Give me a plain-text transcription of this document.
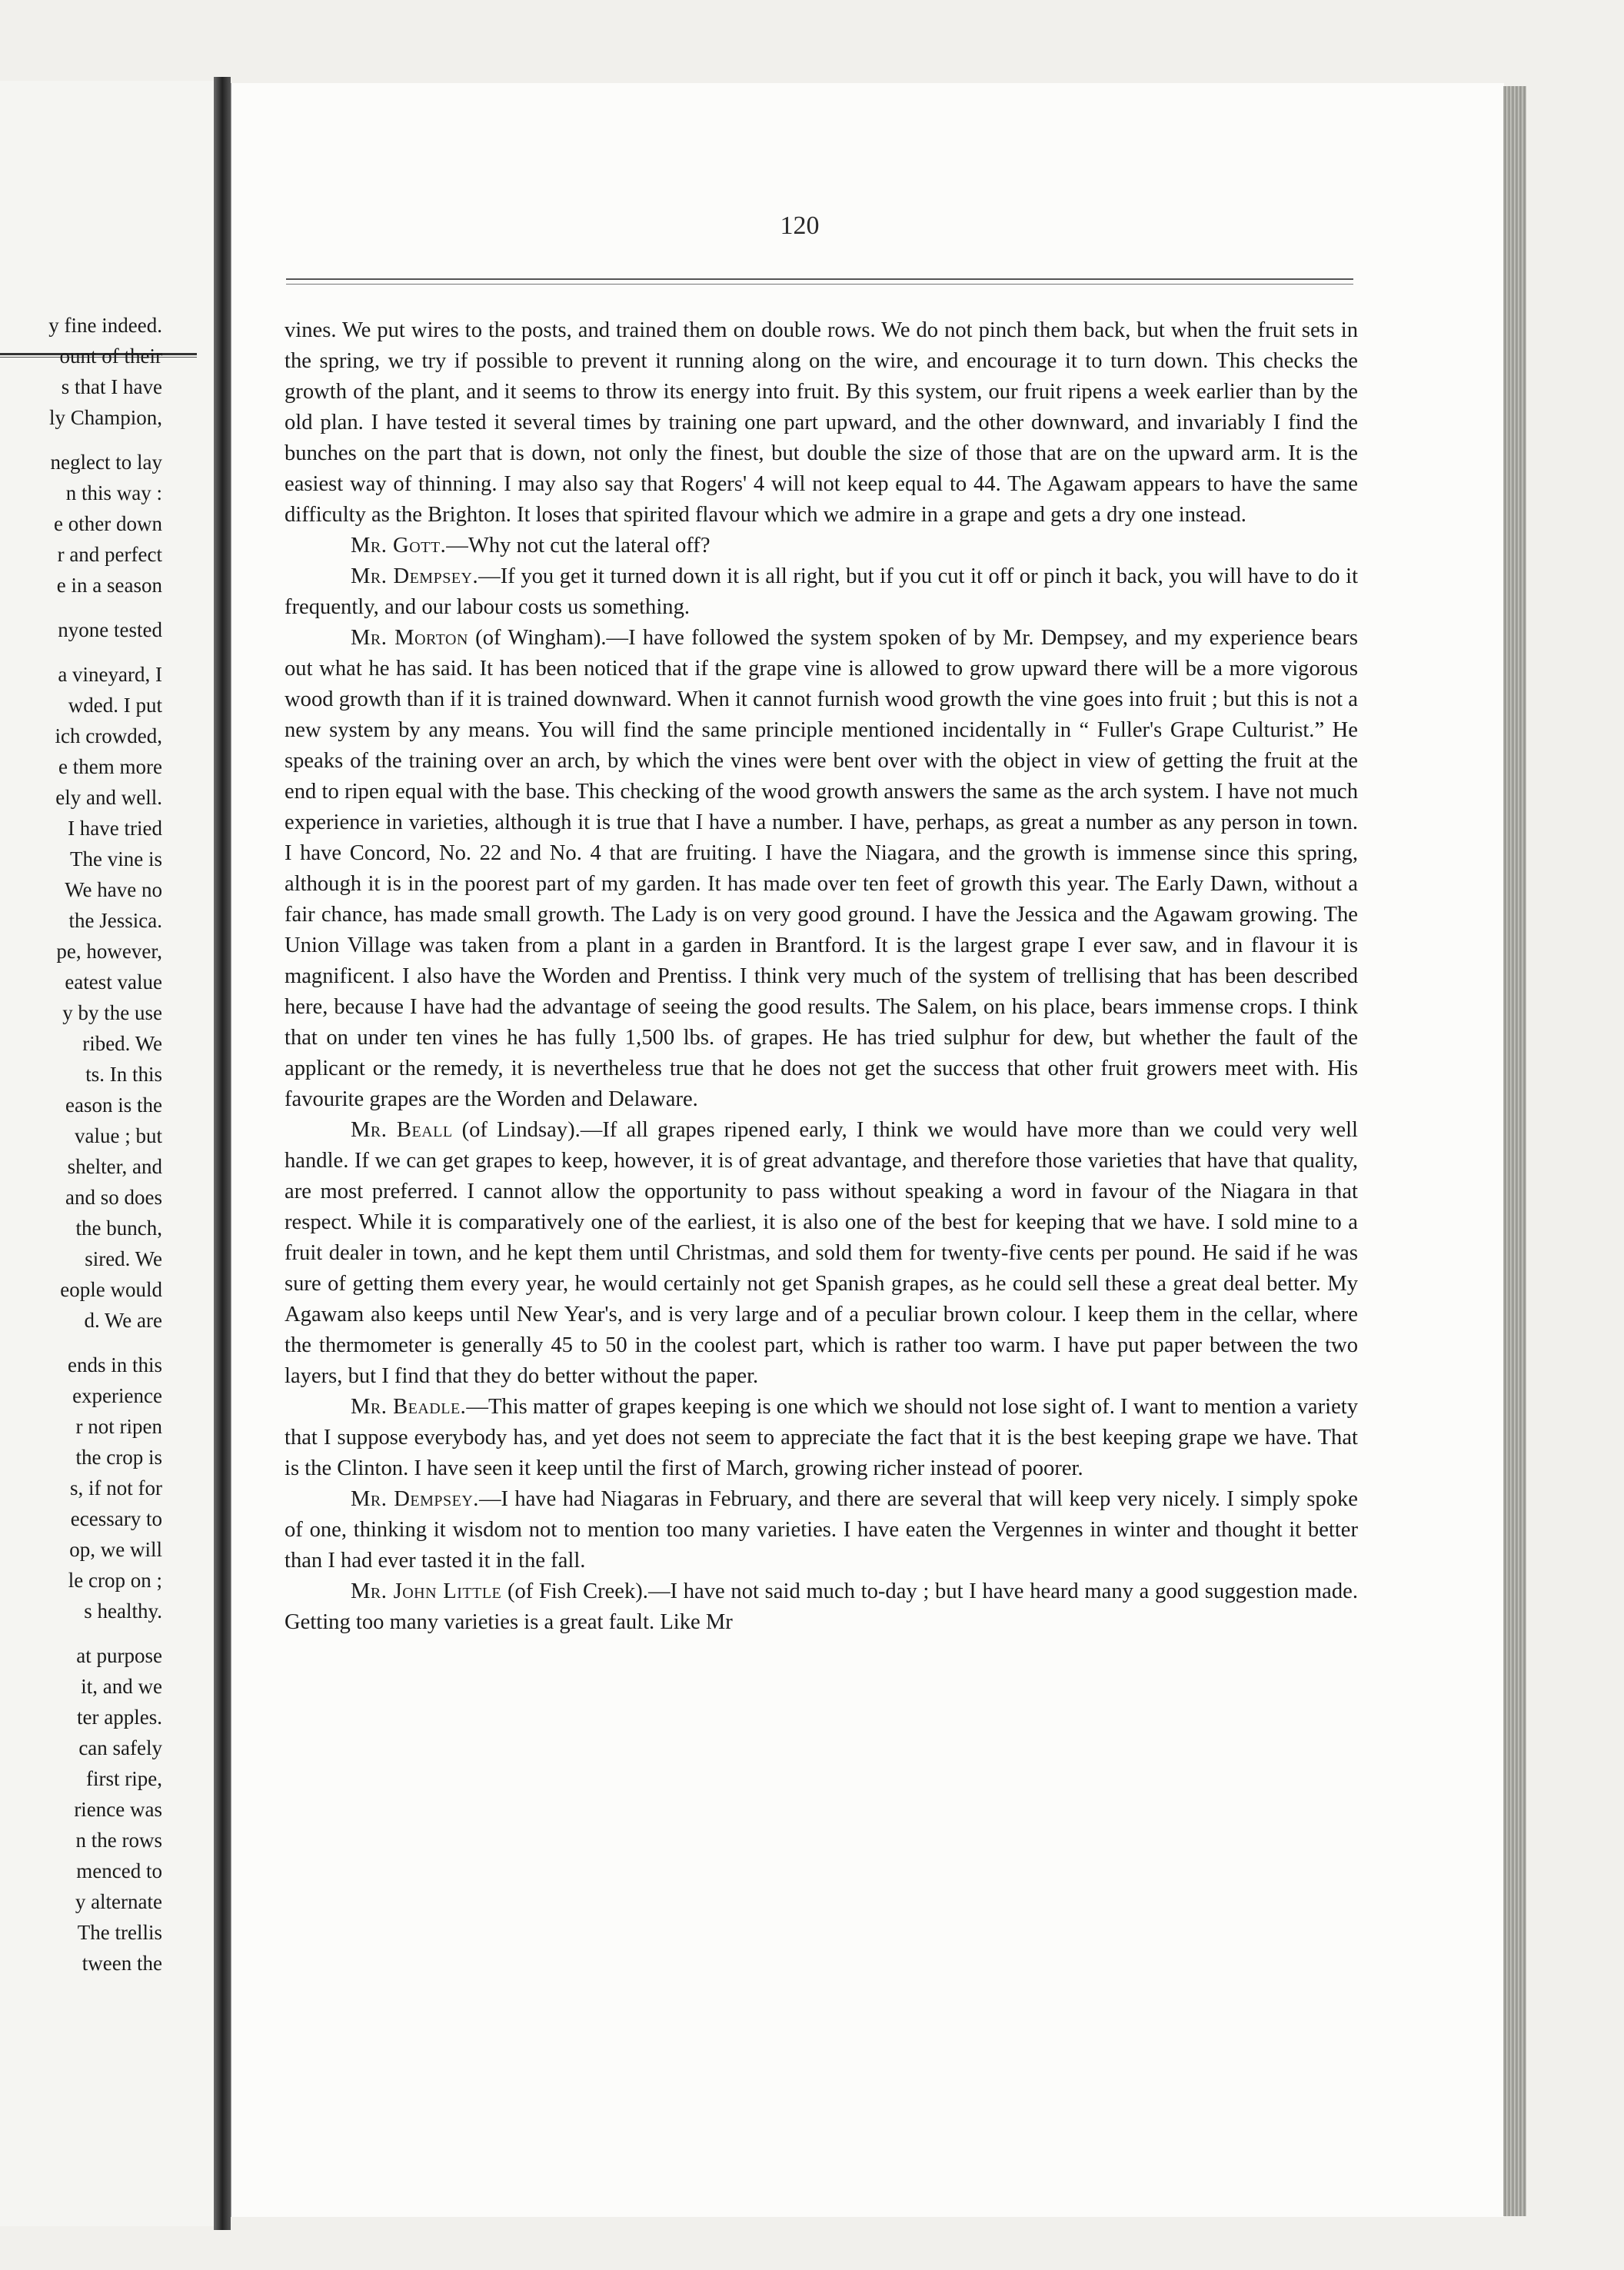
y fine indeed.
ount of their
s that I have
ly Champion,
neglect to lay
n this way :
e other down
r and perfect
e in a season
nyone tested
a vineyard, I
wded. I put
ich crowded,
e them more
ely and well.
I have tried
The vine is
We have no
the Jessica.
pe, however,
eatest value
y by the use
ribed. We
ts. In this
eason is the
value ; but
shelter, and
and so does
the bunch,
sired. We
eople would
d. We are
ends in this
experience
r not ripen
the crop is
s, if not for
ecessary to
op, we will
le crop on ;
s healthy.
at purpose
it, and we
ter apples.
can safely
first ripe,
rience was
n the rows
menced to
y alternate
The trellis
tween the
120

vines. We put wires to the posts, and trained them on double rows. We do not pinch them back, but when the fruit sets in the spring, we try if possible to prevent it running along on the wire, and encourage it to turn down. This checks the growth of the plant, and it seems to throw its energy into fruit. By this system, our fruit ripens a week earlier than by the old plan. I have tested it several times by training one part upward, and the other downward, and invariably I find the bunches on the part that is down, not only the finest, but double the size of those that are on the upward arm. It is the easiest way of thinning. I may also say that Rogers' 4 will not keep equal to 44. The Agawam appears to have the same difficulty as the Brighton. It loses that spirited flavour which we admire in a grape and gets a dry one instead.

Mr. Gott.—Why not cut the lateral off?

Mr. Dempsey.—If you get it turned down it is all right, but if you cut it off or pinch it back, you will have to do it frequently, and our labour costs us something.

Mr. Morton (of Wingham).—I have followed the system spoken of by Mr. Dempsey, and my experience bears out what he has said. It has been noticed that if the grape vine is allowed to grow upward there will be a more vigorous wood growth than if it is trained downward. When it cannot furnish wood growth the vine goes into fruit ; but this is not a new system by any means. You will find the same principle mentioned incidentally in “ Fuller's Grape Culturist.” He speaks of the training over an arch, by which the vines were bent over with the object in view of getting the fruit at the end to ripen equal with the base. This checking of the wood growth answers the same as the arch system. I have not much experience in varieties, although it is true that I have a number. I have, perhaps, as great a number as any person in town. I have Concord, No. 22 and No. 4 that are fruiting. I have the Niagara, and the growth is immense since this spring, although it is in the poorest part of my garden. It has made over ten feet of growth this year. The Early Dawn, without a fair chance, has made small growth. The Lady is on very good ground. I have the Jessica and the Agawam growing. The Union Village was taken from a plant in a garden in Brantford. It is the largest grape I ever saw, and in flavour it is magnificent. I also have the Worden and Prentiss. I think very much of the system of trellising that has been described here, because I have had the advantage of seeing the good results. The Salem, on his place, bears immense crops. I think that on under ten vines he has fully 1,500 lbs. of grapes. He has tried sulphur for dew, but whether the fault of the applicant or the remedy, it is nevertheless true that he does not get the success that other fruit growers meet with. His favourite grapes are the Worden and Delaware.

Mr. Beall (of Lindsay).—If all grapes ripened early, I think we would have more than we could very well handle. If we can get grapes to keep, however, it is of great advantage, and therefore those varieties that have that quality, are most preferred. I cannot allow the opportunity to pass without speaking a word in favour of the Niagara in that respect. While it is comparatively one of the earliest, it is also one of the best for keeping that we have. I sold mine to a fruit dealer in town, and he kept them until Christmas, and sold them for twenty-five cents per pound. He said if he was sure of getting them every year, he would certainly not get Spanish grapes, as he could sell these a great deal better. My Agawam also keeps until New Year's, and is very large and of a peculiar brown colour. I keep them in the cellar, where the thermometer is generally 45 to 50 in the coolest part, which is rather too warm. I have put paper between the two layers, but I find that they do better without the paper.

Mr. Beadle.—This matter of grapes keeping is one which we should not lose sight of. I want to mention a variety that I suppose everybody has, and yet does not seem to appreciate the fact that it is the best keeping grape we have. That is the Clinton. I have seen it keep until the first of March, growing richer instead of poorer.

Mr. Dempsey.—I have had Niagaras in February, and there are several that will keep very nicely. I simply spoke of one, thinking it wisdom not to mention too many varieties. I have eaten the Vergennes in winter and thought it better than I had ever tasted it in the fall.

Mr. John Little (of Fish Creek).—I have not said much to-day ; but I have heard many a good suggestion made. Getting too many varieties is a great fault. Like Mr
